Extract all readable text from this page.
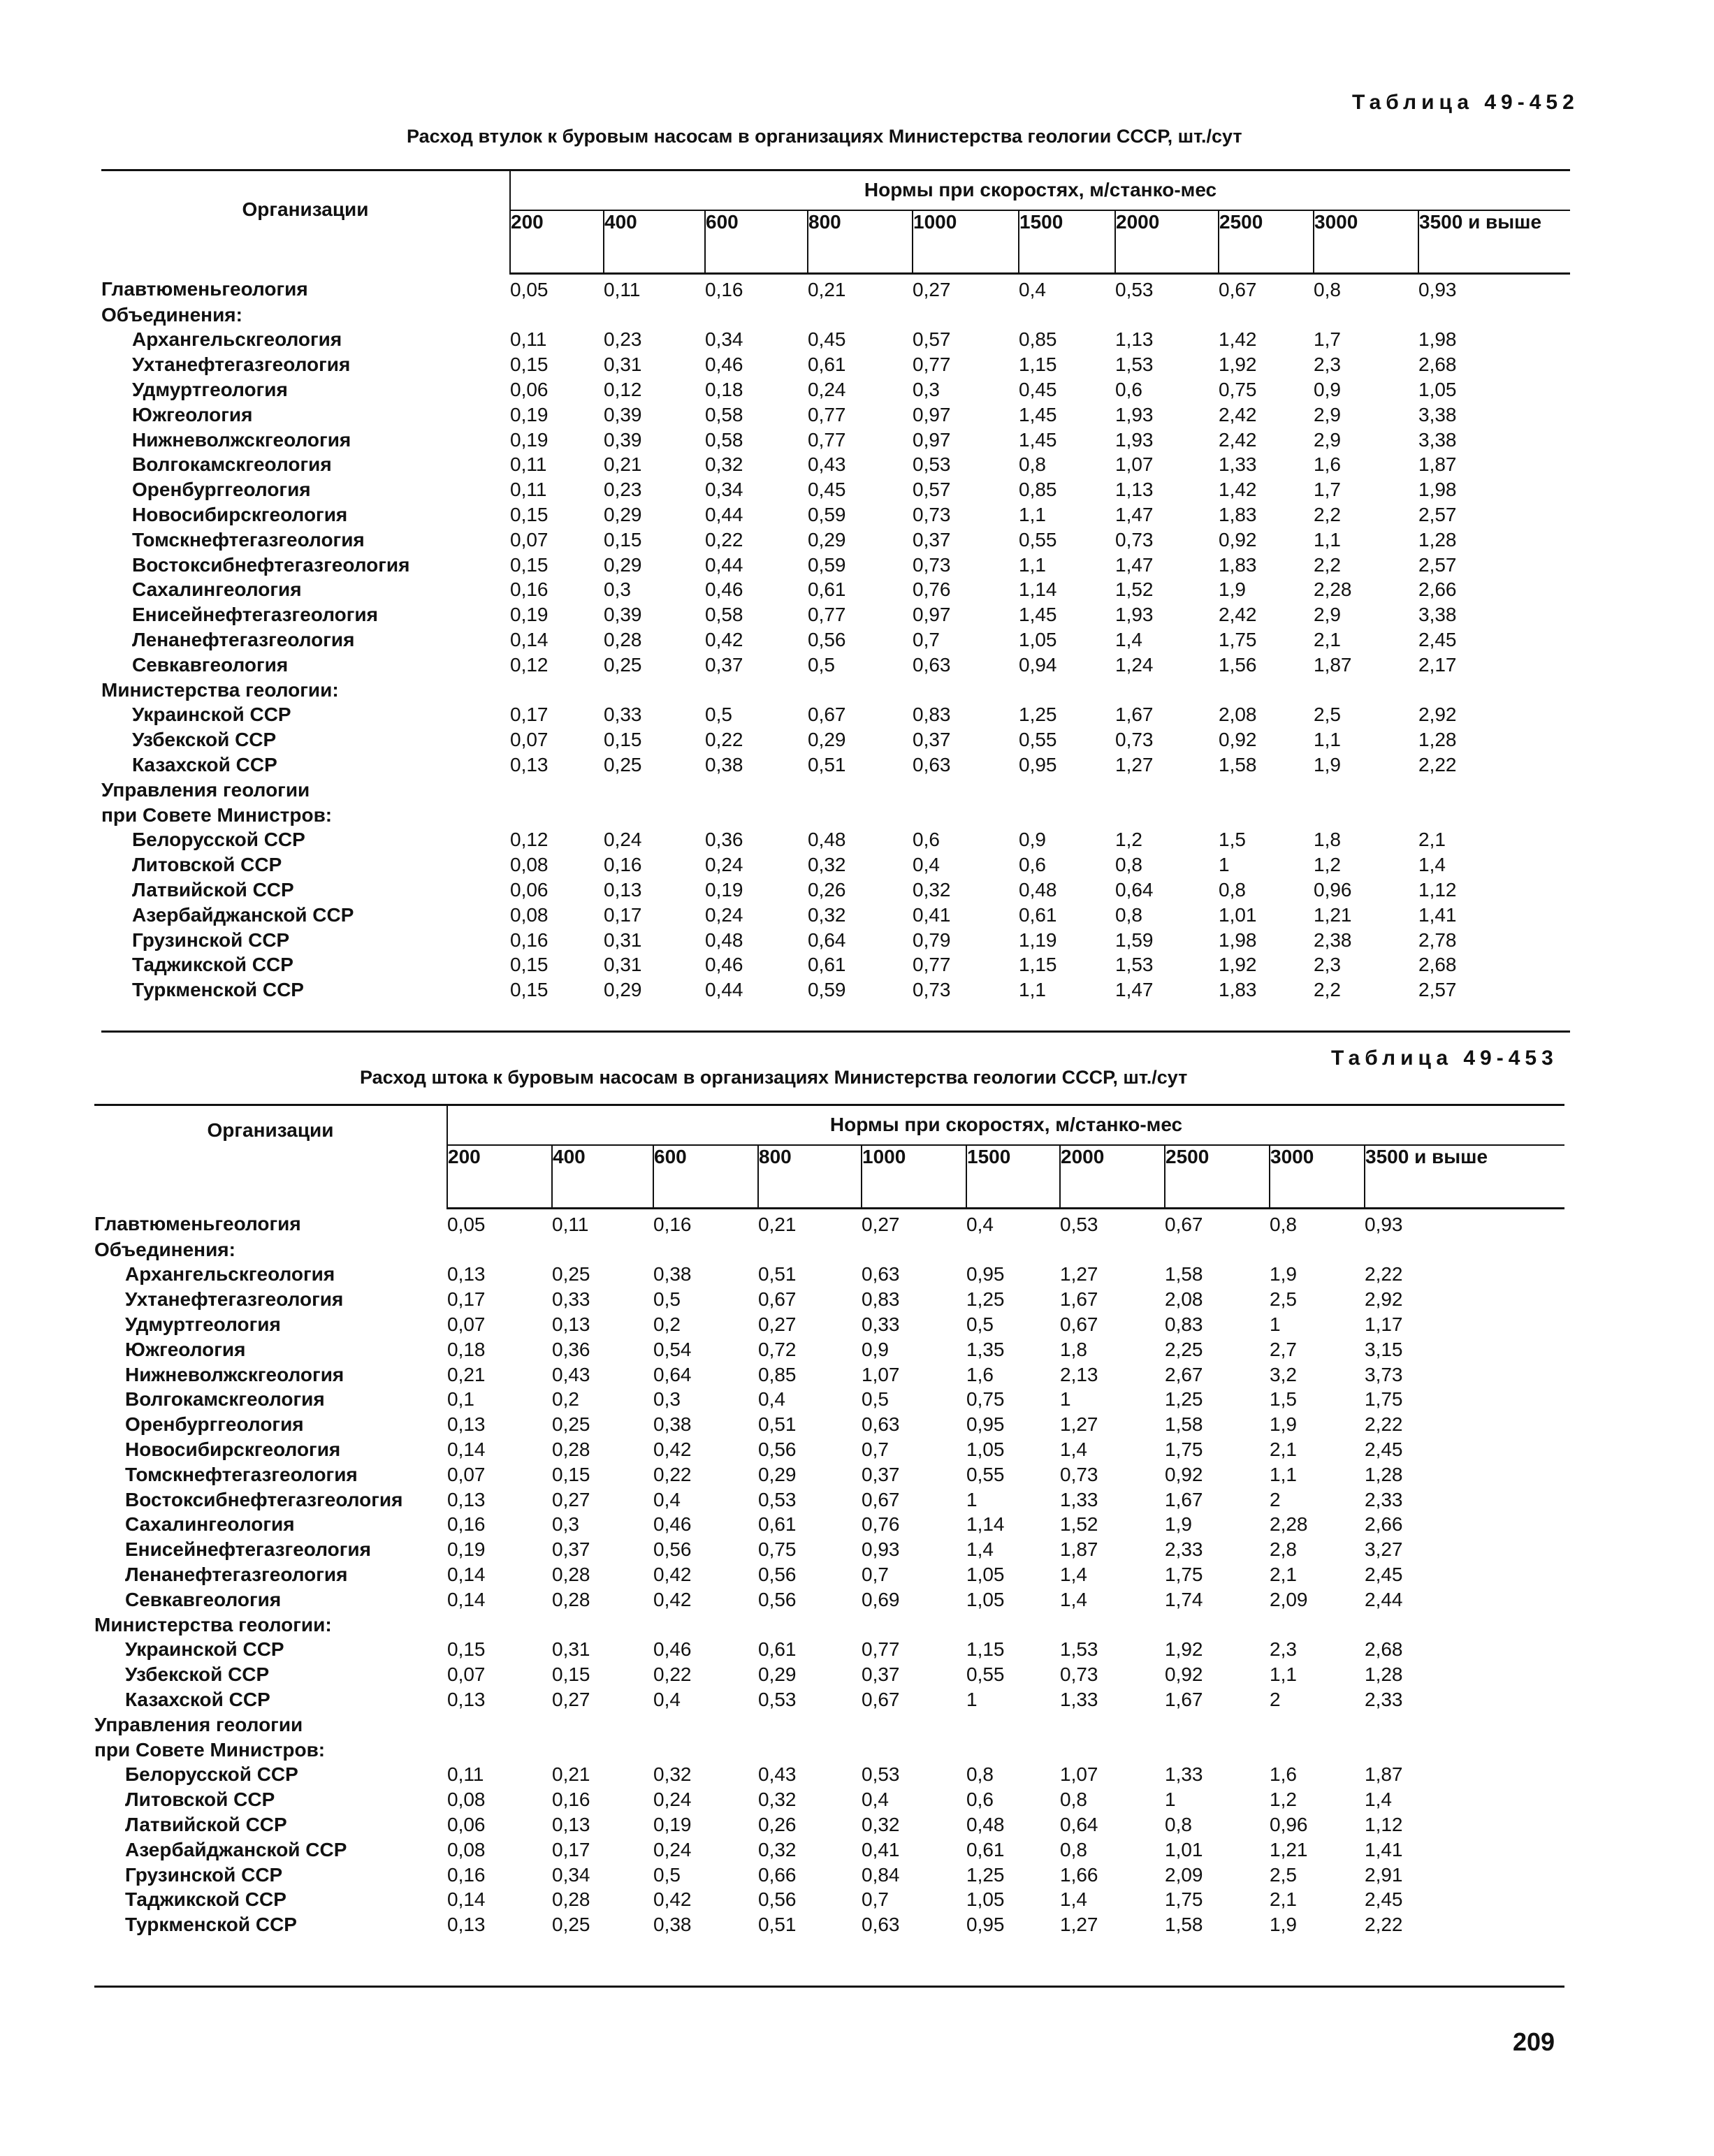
Таблица 49-452
Расход втулок к буровым насосам в организациях Министерства геологии СССР, шт./сут
Организации	Нормы при скоростях, м/станко-мес									
	200	400	600	800	1000	1500	2000	2500	3000	3500 и выше
Главтюменьгеология	0,05	0,11	0,16	0,21	0,27	0,4	0,53	0,67	0,8	0,93
Объединения:										
Архангельскгеология	0,11	0,23	0,34	0,45	0,57	0,85	1,13	1,42	1,7	1,98
Ухтанефтегазгеология	0,15	0,31	0,46	0,61	0,77	1,15	1,53	1,92	2,3	2,68
Удмуртгеология	0,06	0,12	0,18	0,24	0,3	0,45	0,6	0,75	0,9	1,05
Южгеология	0,19	0,39	0,58	0,77	0,97	1,45	1,93	2,42	2,9	3,38
Нижневолжскгеология	0,19	0,39	0,58	0,77	0,97	1,45	1,93	2,42	2,9	3,38
Волгокамскгеология	0,11	0,21	0,32	0,43	0,53	0,8	1,07	1,33	1,6	1,87
Оренбурггеология	0,11	0,23	0,34	0,45	0,57	0,85	1,13	1,42	1,7	1,98
Новосибирскгеология	0,15	0,29	0,44	0,59	0,73	1,1	1,47	1,83	2,2	2,57
Томскнефтегазгеология	0,07	0,15	0,22	0,29	0,37	0,55	0,73	0,92	1,1	1,28
Востоксибнефтегазгеология	0,15	0,29	0,44	0,59	0,73	1,1	1,47	1,83	2,2	2,57
Сахалингеология	0,16	0,3	0,46	0,61	0,76	1,14	1,52	1,9	2,28	2,66
Енисейнефтегазгеология	0,19	0,39	0,58	0,77	0,97	1,45	1,93	2,42	2,9	3,38
Ленанефтегазгеология	0,14	0,28	0,42	0,56	0,7	1,05	1,4	1,75	2,1	2,45
Севкавгеология	0,12	0,25	0,37	0,5	0,63	0,94	1,24	1,56	1,87	2,17
Министерства геологии:										
Украинской ССР	0,17	0,33	0,5	0,67	0,83	1,25	1,67	2,08	2,5	2,92
Узбекской ССР	0,07	0,15	0,22	0,29	0,37	0,55	0,73	0,92	1,1	1,28
Казахской ССР	0,13	0,25	0,38	0,51	0,63	0,95	1,27	1,58	1,9	2,22
Управления геологии										
при Совете Министров:										
Белорусской ССР	0,12	0,24	0,36	0,48	0,6	0,9	1,2	1,5	1,8	2,1
Литовской ССР	0,08	0,16	0,24	0,32	0,4	0,6	0,8	1	1,2	1,4
Латвийской ССР	0,06	0,13	0,19	0,26	0,32	0,48	0,64	0,8	0,96	1,12
Азербайджанской ССР	0,08	0,17	0,24	0,32	0,41	0,61	0,8	1,01	1,21	1,41
Грузинской ССР	0,16	0,31	0,48	0,64	0,79	1,19	1,59	1,98	2,38	2,78
Таджикской ССР	0,15	0,31	0,46	0,61	0,77	1,15	1,53	1,92	2,3	2,68
Туркменской ССР	0,15	0,29	0,44	0,59	0,73	1,1	1,47	1,83	2,2	2,57
Таблица 49-453
Расход штока к буровым насосам в организациях Министерства геологии СССР, шт./сут
Организации	Нормы при скоростях, м/станко-мес									
	200	400	600	800	1000	1500	2000	2500	3000	3500 и выше
Главтюменьгеология	0,05	0,11	0,16	0,21	0,27	0,4	0,53	0,67	0,8	0,93
Объединения:										
Архангельскгеология	0,13	0,25	0,38	0,51	0,63	0,95	1,27	1,58	1,9	2,22
Ухтанефтегазгеология	0,17	0,33	0,5	0,67	0,83	1,25	1,67	2,08	2,5	2,92
Удмуртгеология	0,07	0,13	0,2	0,27	0,33	0,5	0,67	0,83	1	1,17
Южгеология	0,18	0,36	0,54	0,72	0,9	1,35	1,8	2,25	2,7	3,15
Нижневолжскгеология	0,21	0,43	0,64	0,85	1,07	1,6	2,13	2,67	3,2	3,73
Волгокамскгеология	0,1	0,2	0,3	0,4	0,5	0,75	1	1,25	1,5	1,75
Оренбурггеология	0,13	0,25	0,38	0,51	0,63	0,95	1,27	1,58	1,9	2,22
Новосибирскгеология	0,14	0,28	0,42	0,56	0,7	1,05	1,4	1,75	2,1	2,45
Томскнефтегазгеология	0,07	0,15	0,22	0,29	0,37	0,55	0,73	0,92	1,1	1,28
Востоксибнефтегазгеология	0,13	0,27	0,4	0,53	0,67	1	1,33	1,67	2	2,33
Сахалингеология	0,16	0,3	0,46	0,61	0,76	1,14	1,52	1,9	2,28	2,66
Енисейнефтегазгеология	0,19	0,37	0,56	0,75	0,93	1,4	1,87	2,33	2,8	3,27
Ленанефтегазгеология	0,14	0,28	0,42	0,56	0,7	1,05	1,4	1,75	2,1	2,45
Севкавгеология	0,14	0,28	0,42	0,56	0,69	1,05	1,4	1,74	2,09	2,44
Министерства геологии:										
Украинской ССР	0,15	0,31	0,46	0,61	0,77	1,15	1,53	1,92	2,3	2,68
Узбекской ССР	0,07	0,15	0,22	0,29	0,37	0,55	0,73	0,92	1,1	1,28
Казахской ССР	0,13	0,27	0,4	0,53	0,67	1	1,33	1,67	2	2,33
Управления геологии										
при Совете Министров:										
Белорусской ССР	0,11	0,21	0,32	0,43	0,53	0,8	1,07	1,33	1,6	1,87
Литовской ССР	0,08	0,16	0,24	0,32	0,4	0,6	0,8	1	1,2	1,4
Латвийской ССР	0,06	0,13	0,19	0,26	0,32	0,48	0,64	0,8	0,96	1,12
Азербайджанской ССР	0,08	0,17	0,24	0,32	0,41	0,61	0,8	1,01	1,21	1,41
Грузинской ССР	0,16	0,34	0,5	0,66	0,84	1,25	1,66	2,09	2,5	2,91
Таджикской ССР	0,14	0,28	0,42	0,56	0,7	1,05	1,4	1,75	2,1	2,45
Туркменской ССР	0,13	0,25	0,38	0,51	0,63	0,95	1,27	1,58	1,9	2,22
209
